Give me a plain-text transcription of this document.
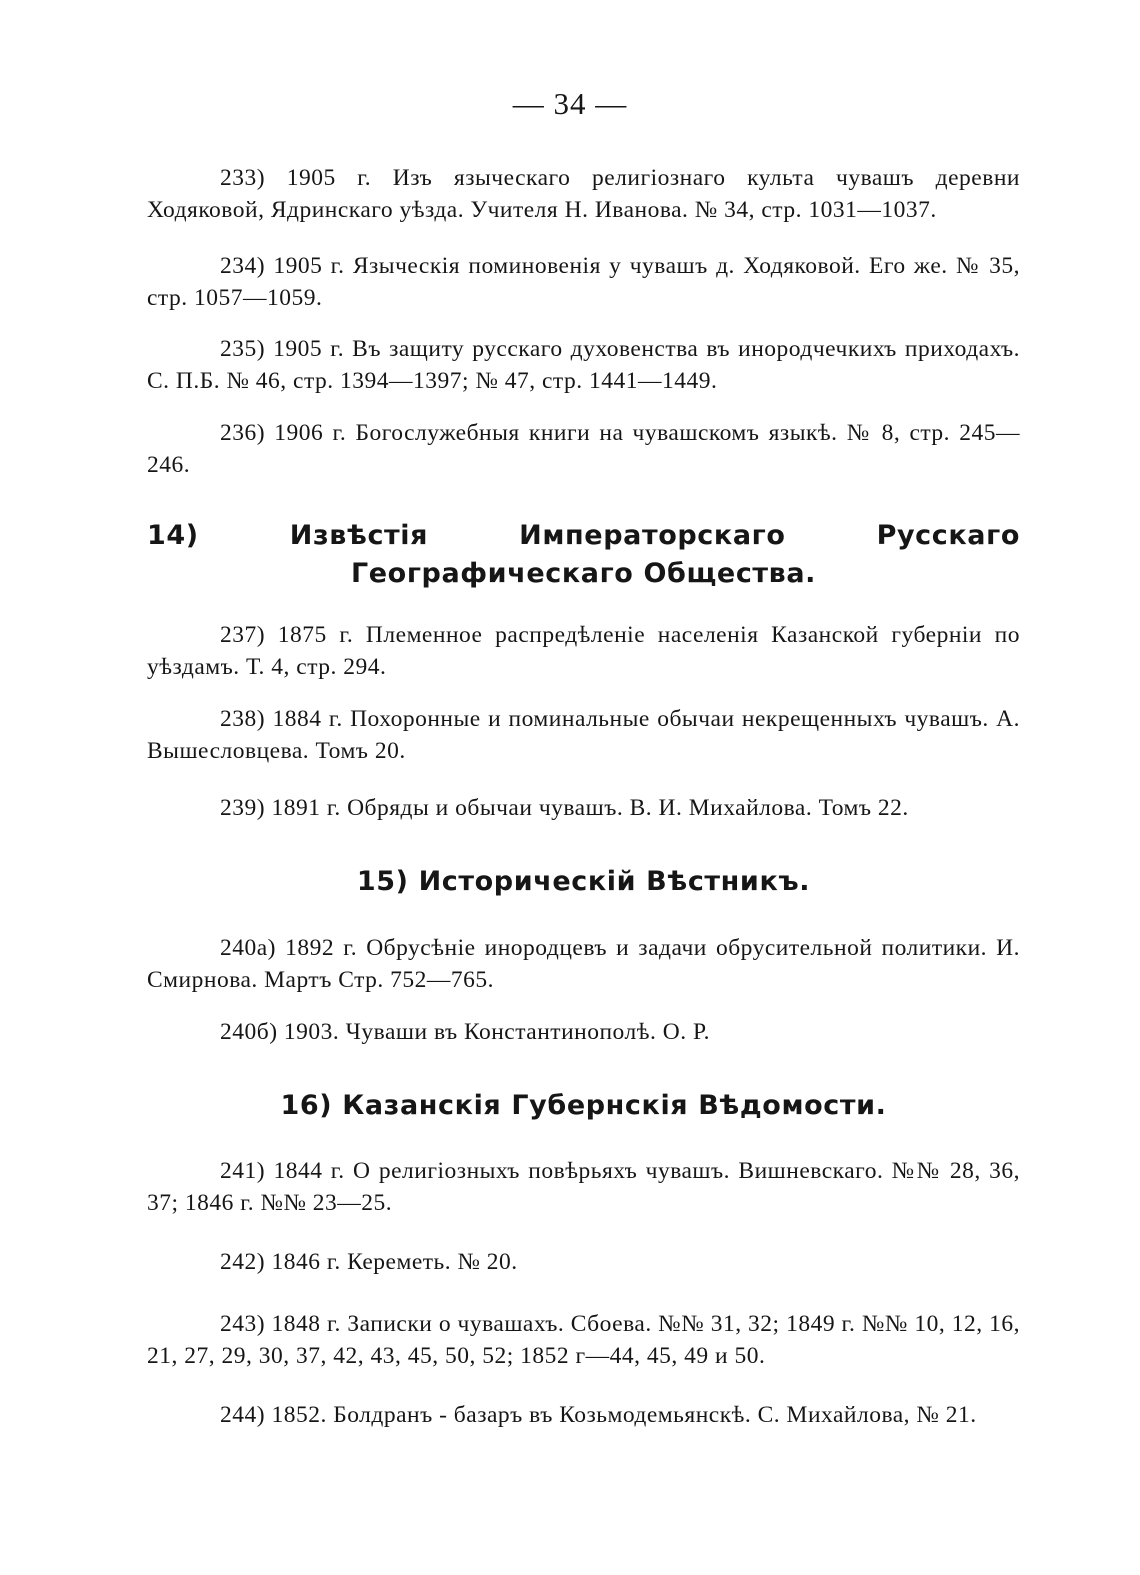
— 34 —

233) 1905 г. Изъ языческаго религіознаго культа чувашъ деревни Ходяковой, Ядринскаго уѣзда. Учителя Н. Иванова. № 34, стр. 1031—1037.

234) 1905 г. Языческія поминовенія у чувашъ д. Ходяковой. Его же. № 35, стр. 1057—1059.

235) 1905 г. Въ защиту русскаго духовенства въ инородчечкихъ приходахъ. С. П.Б. № 46, стр. 1394—1397; № 47, стр. 1441—1449.

236) 1906 г. Богослужебныя книги на чувашскомъ языкѣ. № 8, стр. 245—246.

14) Извѣстія Императорскаго Русскаго Географическаго Общества.

237) 1875 г. Племенное распредѣленіе населенія Казанской губерніи по уѣздамъ. Т. 4, стр. 294.

238) 1884 г. Похоронные и поминальные обычаи некрещенныхъ чувашъ. А. Вышесловцева. Томъ 20.

239) 1891 г. Обряды и обычаи чувашъ. В. И. Михайлова. Томъ 22.

15) Историческій Вѣстникъ.

240а) 1892 г. Обрусѣніе инородцевъ и задачи обрусительной политики. И. Смирнова. Мартъ Стр. 752—765.

240б) 1903. Чуваши въ Константинополѣ. О. Р.

16) Казанскія Губернскія Вѣдомости.

241) 1844 г. О религіозныхъ повѣрьяхъ чувашъ. Вишневскаго. №№ 28, 36, 37; 1846 г. №№ 23—25.

242) 1846 г. Кереметь. № 20.

243) 1848 г. Записки о чувашахъ. Сбоева. №№ 31, 32; 1849 г. №№ 10, 12, 16, 21, 27, 29, 30, 37, 42, 43, 45, 50, 52; 1852 г—44, 45, 49 и 50.

244) 1852. Болдранъ - базаръ въ Козьмодемьянскѣ. С. Михайлова, № 21.
